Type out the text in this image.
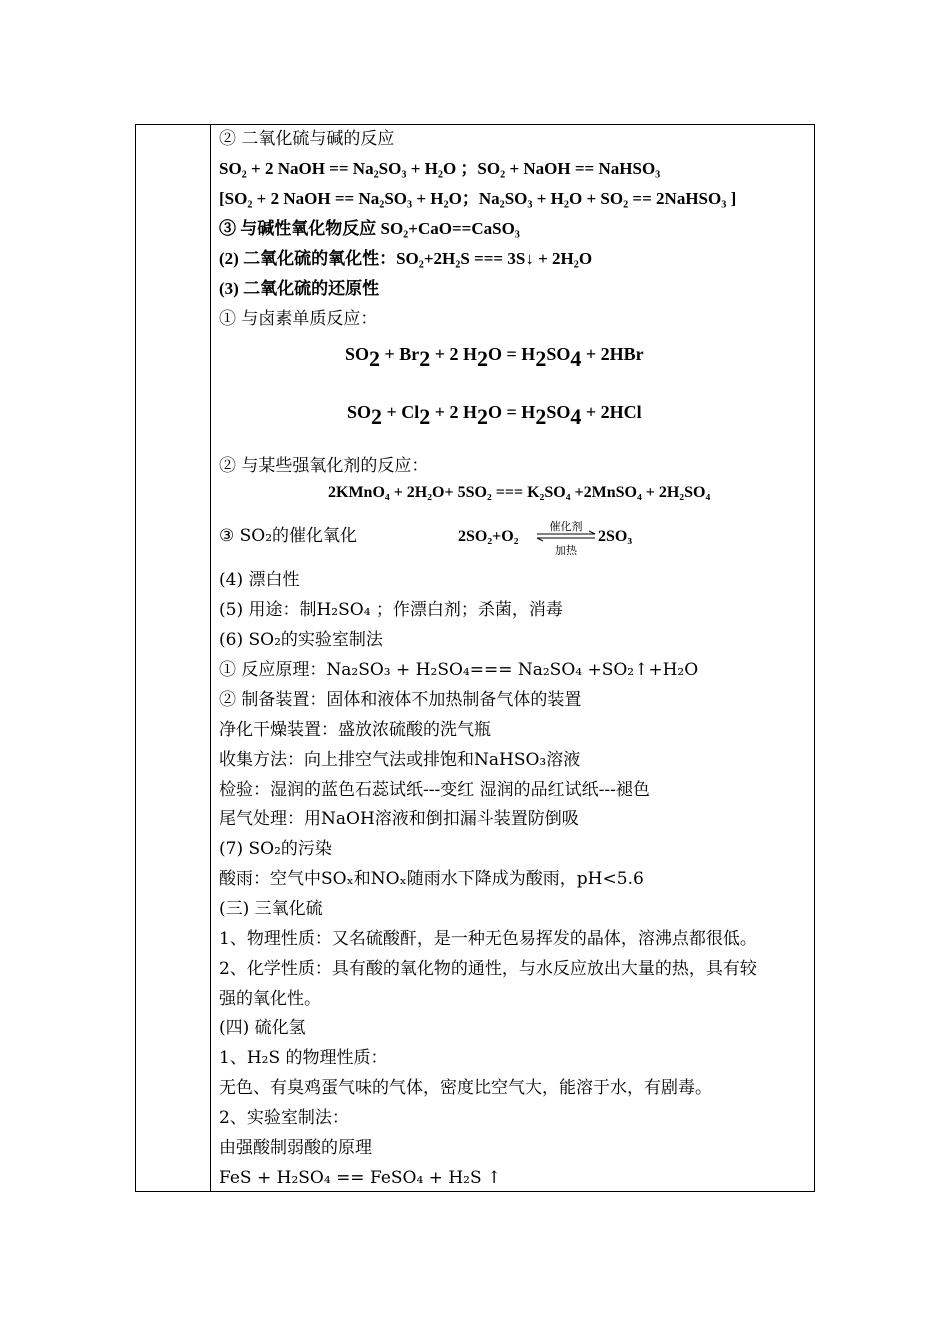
② 二氧化硫与碱的反应
SO₂ + 2 NaOH == Na₂SO₃ + H₂O ；SO₂ + NaOH == NaHSO₃
[SO₂ + 2 NaOH == Na₂SO₃ + H₂O；Na₂SO₃ + H₂O + SO₂ == 2NaHSO₃ ]
③ 与碱性氧化物反应 SO₂+CaO==CaSO₃
(2) 二氧化硫的氧化性：SO₂+2H₂S === 3S↓ + 2H₂O
(3) 二氧化硫的还原性
① 与卤素单质反应：
② 与某些强氧化剂的反应：
③ SO₂的催化氧化
(4) 漂白性
(5) 用途：制H₂SO₄ ；作漂白剂；杀菌，消毒
(6) SO₂的实验室制法
① 反应原理：Na₂SO₃ + H₂SO₄=== Na₂SO₄ +SO₂↑+H₂O
② 制备装置：固体和液体不加热制备气体的装置
净化干燥装置：盛放浓硫酸的洗气瓶
收集方法：向上排空气法或排饱和NaHSO₃溶液
检验：湿润的蓝色石蕊试纸---变红 湿润的品红试纸---褪色
尾气处理：用NaOH溶液和倒扣漏斗装置防倒吸
(7) SO₂的污染
酸雨：空气中SOₓ和NOₓ随雨水下降成为酸雨，pH<5.6
(三) 三氧化硫
1、物理性质：又名硫酸酐，是一种无色易挥发的晶体，溶沸点都很低。
2、化学性质：具有酸的氧化物的通性，与水反应放出大量的热，具有较
强的氧化性。
(四) 硫化氢
1、H₂S 的物理性质：
无色、有臭鸡蛋气味的气体，密度比空气大，能溶于水，有剧毒。
2、实验室制法：
由强酸制弱酸的原理
FeS + H₂SO₄ == FeSO₄ + H₂S ↑
$SO_2 + Br_2 + 2$ $H_2O = H_2SO_4 + 2HBr$
$SO_2 + Cl_2 + 2$ $H_2O = H_2SO_4 + 2HCl$
2KMnO₄ + 2H₂O+ 5SO₂ === K₂SO₄ +2MnSO₄ + 2H₂SO₄
2SO₂+O₂
催化剂
加热
2SO₃
